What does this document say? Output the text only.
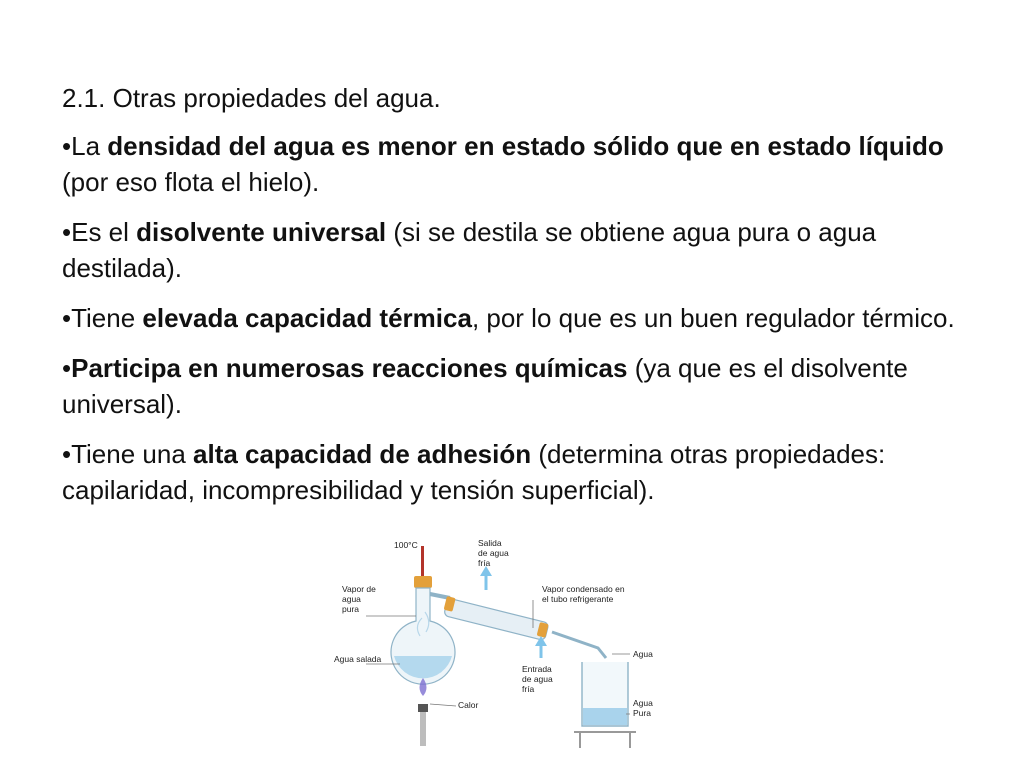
2.1. Otras propiedades del agua.

•La densidad del agua es menor en estado sólido que en estado líquido (por eso flota el hielo).

•Es el disolvente universal (si se destila se obtiene agua pura o agua destilada).

•Tiene elevada capacidad térmica, por lo que es un buen regulador térmico.

•Participa en numerosas reacciones químicas (ya que es el disolvente universal).

•Tiene una alta capacidad de adhesión (determina otras propiedades: capilaridad, incompresibilidad y tensión superficial).

100°C	Salida
de agua
fría
Vapor de
agua
pura
Vapor condensado en
el tubo refrigerante
Agua salada
Entrada
de agua
fría
Agua
Agua
Pura
Calor
